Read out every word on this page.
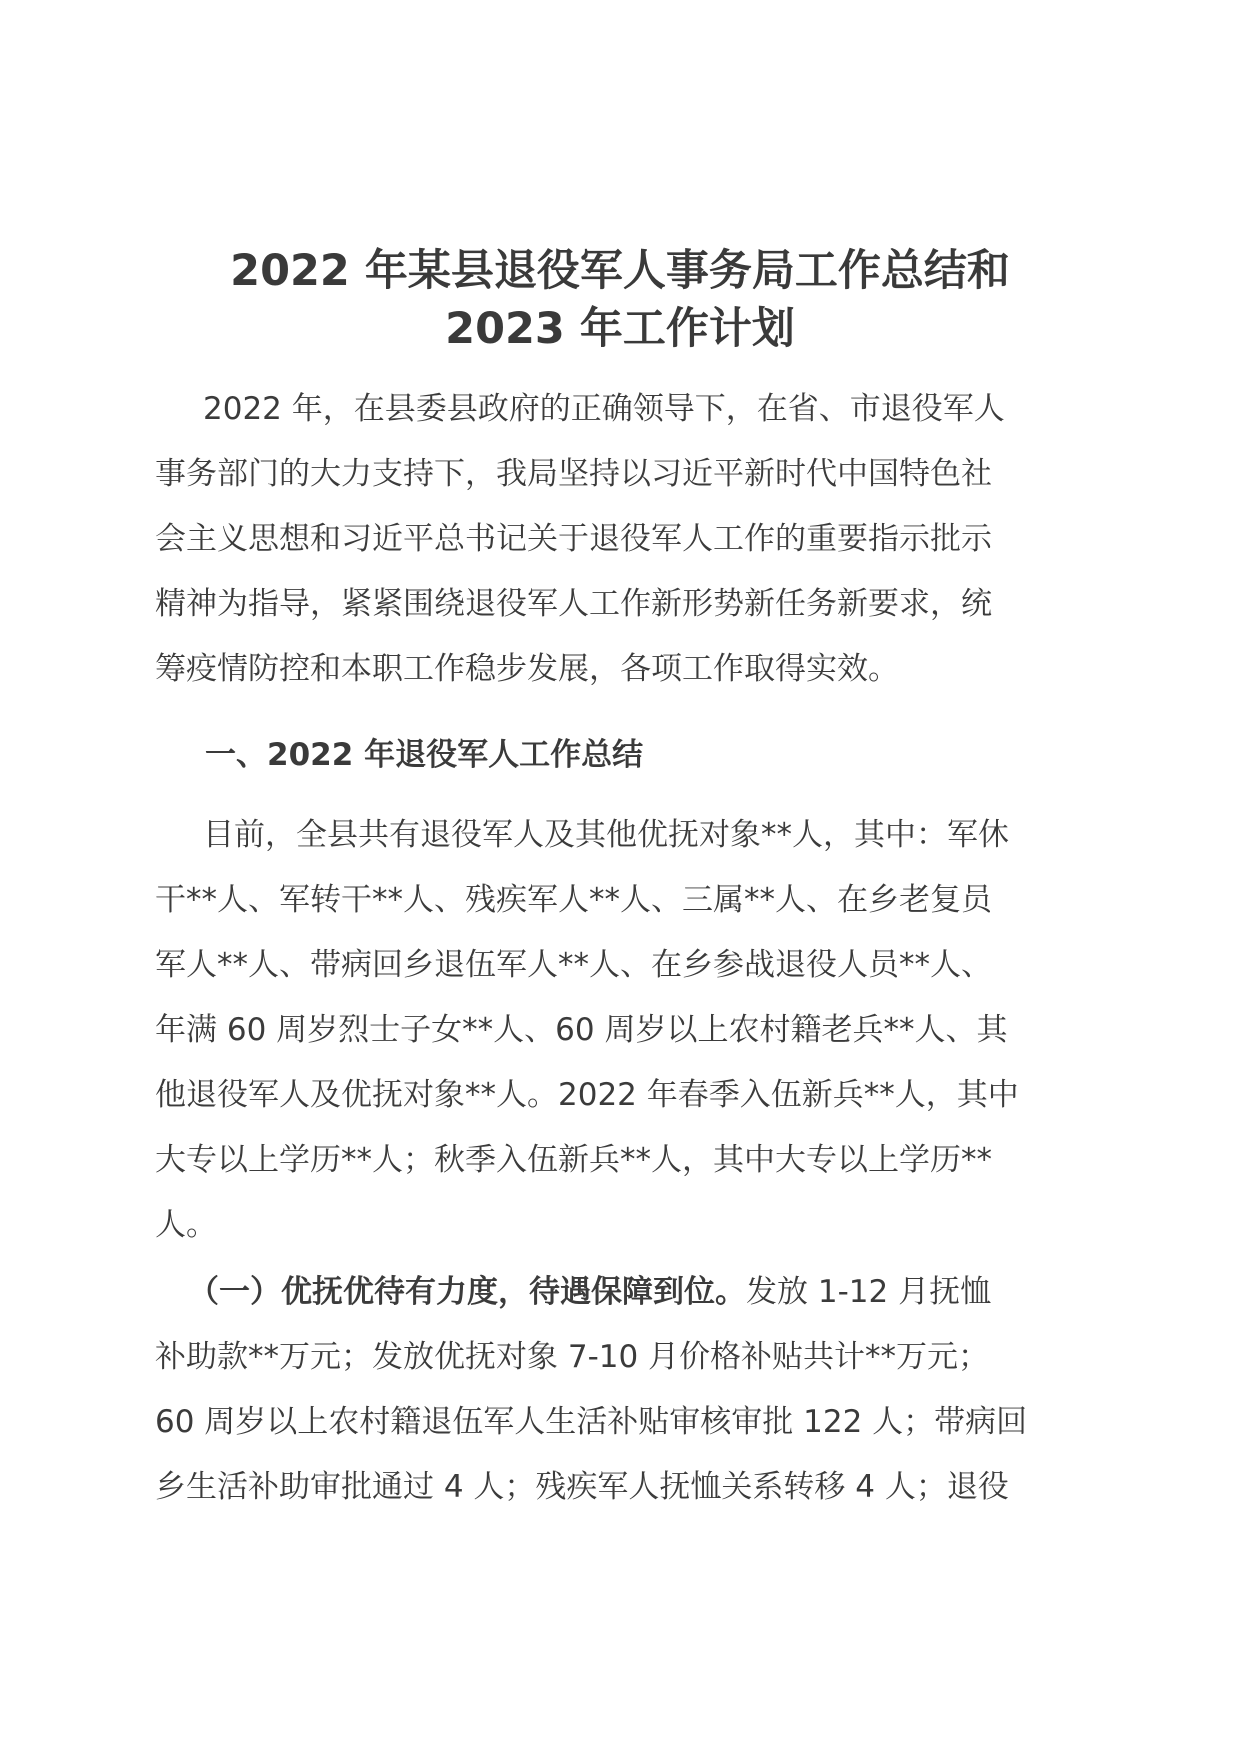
2022 年某县退役军人事务局工作总结和
2023 年工作计划

2022 年，在县委县政府的正确领导下，在省、市退役军人
事务部门的大力支持下，我局坚持以习近平新时代中国特色社
会主义思想和习近平总书记关于退役军人工作的重要指示批示
精神为指导，紧紧围绕退役军人工作新形势新任务新要求，统
筹疫情防控和本职工作稳步发展，各项工作取得实效。

一、2022 年退役军人工作总结

目前，全县共有退役军人及其他优抚对象**人，其中：军休
干**人、军转干**人、残疾军人**人、三属**人、在乡老复员
军人**人、带病回乡退伍军人**人、在乡参战退役人员**人、
年满 60 周岁烈士子女**人、60 周岁以上农村籍老兵**人、其
他退役军人及优抚对象**人。2022 年春季入伍新兵**人，其中
大专以上学历**人；秋季入伍新兵**人，其中大专以上学历**
人。

（一）优抚优待有力度，待遇保障到位。发放 1-12 月抚恤
补助款**万元；发放优抚对象 7-10 月价格补贴共计**万元；
60 周岁以上农村籍退伍军人生活补贴审核审批 122 人；带病回
乡生活补助审批通过 4 人；残疾军人抚恤关系转移 4 人；退役
